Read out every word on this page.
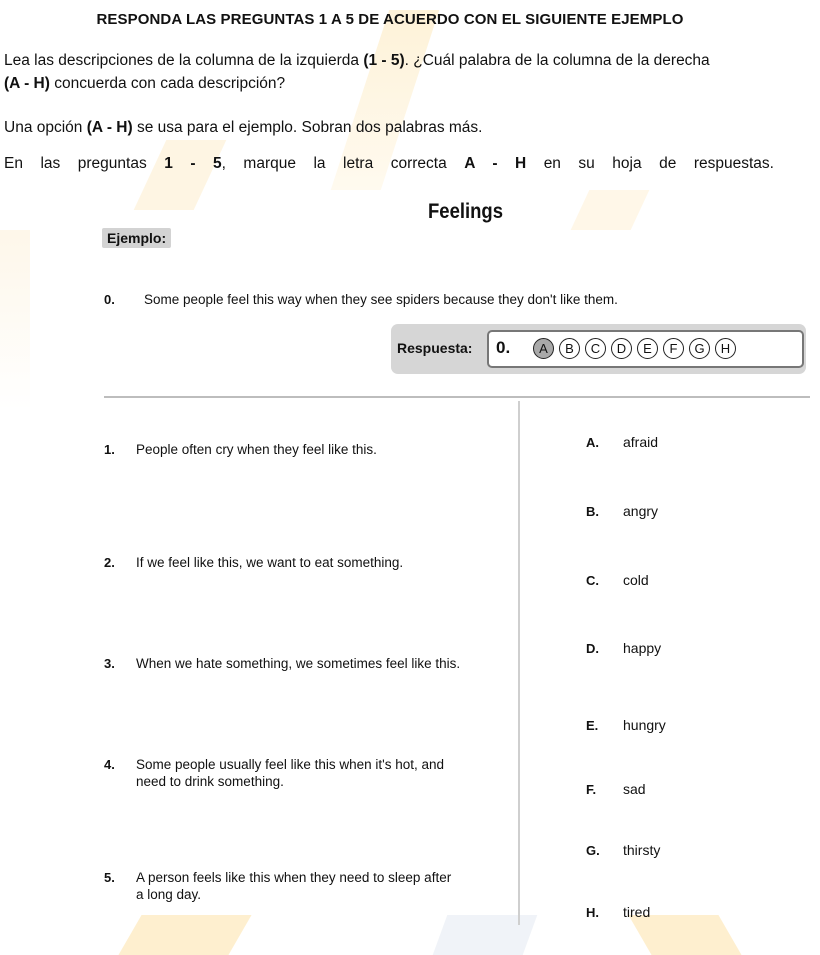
RESPONDA LAS PREGUNTAS 1 A 5 DE ACUERDO CON EL SIGUIENTE EJEMPLO
Lea las descripciones de la columna de la izquierda (1 - 5). ¿Cuál palabra de la columna de la derecha
(A - H) concuerda con cada descripción?
Una opción (A - H) se usa para el ejemplo. Sobran dos palabras más.
En las preguntas 1 - 5, marque la letra correcta A - H en su hoja de respuestas.
Feelings
Ejemplo:
0. Some people feel this way when they see spiders because they don't like them.
Respuesta: 0.	A	B	C	D	E	F	G	H
1. People often cry when they feel like this.
2. If we feel like this, we want to eat something.
3. When we hate something, we sometimes feel like this.
4. Some people usually feel like this when it's hot, and need to drink something.
5. A person feels like this when they need to sleep after a long day.
A. afraid
B. angry
C. cold
D. happy
E. hungry
F. sad
G. thirsty
H. tired
